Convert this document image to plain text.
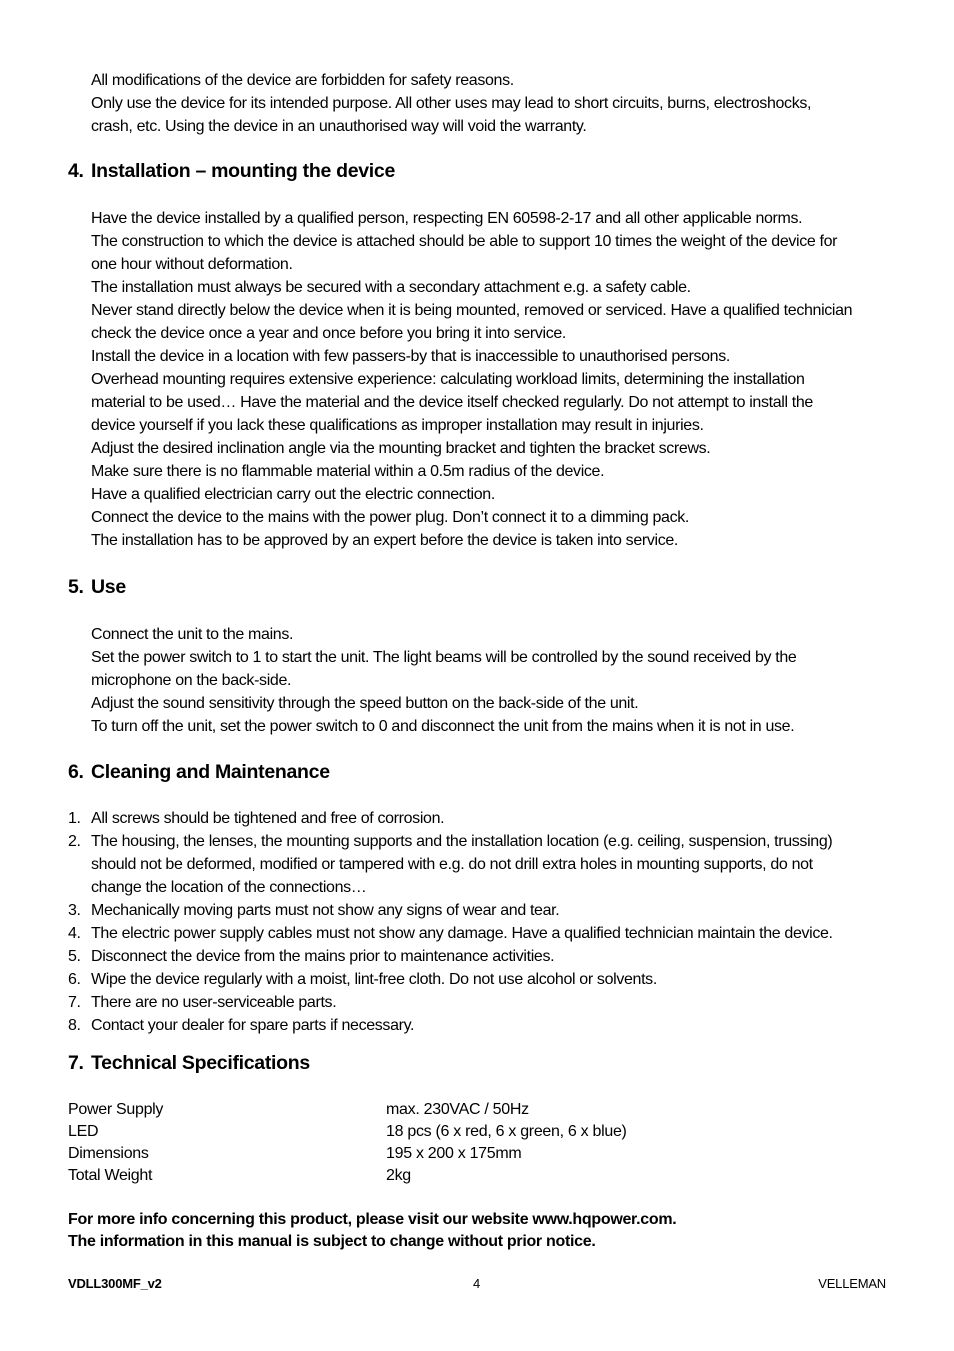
All modifications of the device are forbidden for safety reasons.
Only use the device for its intended purpose. All other uses may lead to short circuits, burns, electroshocks,
crash, etc. Using the device in an unauthorised way will void the warranty.
4. Installation – mounting the device
Have the device installed by a qualified person, respecting EN 60598-2-17 and all other applicable norms.
The construction to which the device is attached should be able to support 10 times the weight of the device for
one hour without deformation.
The installation must always be secured with a secondary attachment e.g. a safety cable.
Never stand directly below the device when it is being mounted, removed or serviced. Have a qualified technician
check the device once a year and once before you bring it into service.
Install the device in a location with few passers-by that is inaccessible to unauthorised persons.
Overhead mounting requires extensive experience: calculating workload limits, determining the installation
material to be used… Have the material and the device itself checked regularly. Do not attempt to install the
device yourself if you lack these qualifications as improper installation may result in injuries.
Adjust the desired inclination angle via the mounting bracket and tighten the bracket screws.
Make sure there is no flammable material within a 0.5m radius of the device.
Have a qualified electrician carry out the electric connection.
Connect the device to the mains with the power plug. Don’t connect it to a dimming pack.
The installation has to be approved by an expert before the device is taken into service.
5. Use
Connect the unit to the mains.
Set the power switch to 1 to start the unit. The light beams will be controlled by the sound received by the
microphone on the back-side.
Adjust the sound sensitivity through the speed button on the back-side of the unit.
To turn off the unit, set the power switch to 0 and disconnect the unit from the mains when it is not in use.
6. Cleaning and Maintenance
1. All screws should be tightened and free of corrosion.
2. The housing, the lenses, the mounting supports and the installation location (e.g. ceiling, suspension, trussing)
should not be deformed, modified or tampered with e.g. do not drill extra holes in mounting supports, do not
change the location of the connections…
3. Mechanically moving parts must not show any signs of wear and tear.
4. The electric power supply cables must not show any damage. Have a qualified technician maintain the device.
5. Disconnect the device from the mains prior to maintenance activities.
6. Wipe the device regularly with a moist, lint-free cloth. Do not use alcohol or solvents.
7. There are no user-serviceable parts.
8. Contact your dealer for spare parts if necessary.
7. Technical Specifications
Power Supply	max. 230VAC / 50Hz
LED	18 pcs (6 x red, 6 x green, 6 x blue)
Dimensions	195 x 200 x 175mm
Total Weight	2kg
For more info concerning this product, please visit our website www.hqpower.com.
The information in this manual is subject to change without prior notice.
VDLL300MF_v2	4	VELLEMAN
